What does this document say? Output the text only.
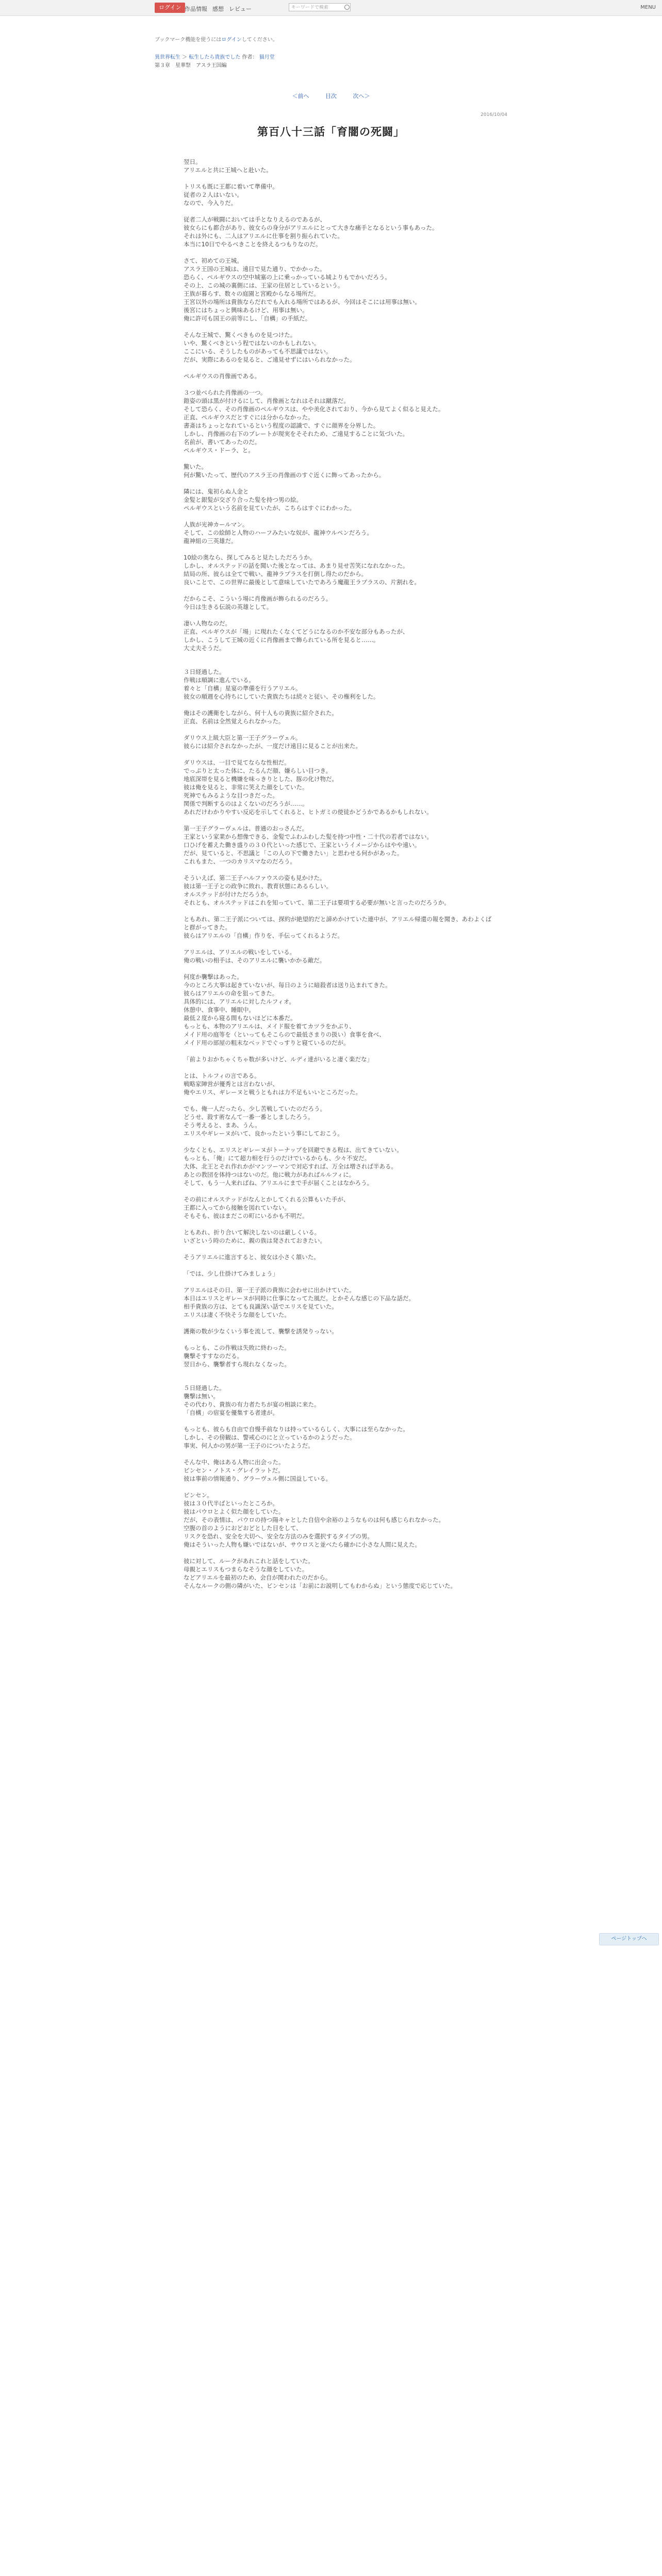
ログイン 作品情報 感想 レビュー	キーワードで検索	MENU
ブックマーク機能を使うにはログインしてください。
異世界転生 ＞ 転生したら貴族でした 作者： 猫月堂
第３章　星華祭　アスラ王国編
＜前へ	目次	次へ＞
2016/10/04
第百八十三話「育闇の死闘」
翌日。
アリエルと共に王城へと赴いた。
トリスも既に王都に着いて準備中。
従者の２人はいない。
なので、今入りだ。
従者二人が戦闘においては手となりえるのであるが、
彼女らにも都合があり、彼女らの身分がアリエルにとって大きな痛手となるという事もあった。
それは外にも、二人はアリエルに仕事を割り振られていた。
本当に10日でやるべきことを終えるつもりなのだ。
さて、初めての王城。
アスラ王国の王城は、遠目で見た通り、でかかった。
恐らく、ペルギウスの空中城塞の上に乗っかっている城よりもでかいだろう。
その上、この城の裏側には、王家の住居としているという。
王族が暮らす、数々の庭園と宮殿からなる場所だ。
王宮以外の場所は貴族ならだれでも入れる場所ではあるが、今回はそこには用事は無い。
後宮にはちょっと興味あるけど、用事は無い。
俺に許可も国王の前等にし、「自構」の手紙だ。
そんな王城で、驚くべきものを見つけた。
いや、驚くべきという程ではないのかもしれない。
ここにいる、そうしたものがあっても不思議ではない。
だが、実際にあるのを見ると、ご遠見せずにはいられなかった。
ペルギウスの肖像画である。
３つ並べられた肖像画の一つ。
鎧姿の頭は黒が付けるにして、肖像画となれはそれは蹴落だ。
そして恐らく、その肖像画のペルギウスは、やや美化されており、今から見てよく似ると見えた。
正直、ペルギウスだとすぐには分からなかった。
書斎はちょっとなれているという程度の認識で、すぐに顔界を分界した。
しかし、肖像画の右下のプレートが現実をそそれため、ご遠見することに気づいた。
名前が、書いてあったのだ。
ペルギウス・ドーラ、と。
驚いた。
何が驚いたって、歴代のアスラ王の肖像画のすぐ近くに飾ってあったから。
隣には、鬼初らぬ人金と
金髪と銀髪が交ざり合った髪を持つ男の絵。
ペルギウスという名前を見ていたが、こちらはすぐにわかった。
人族が光神カールマン。
そして、この絵師と人物のハーフみたいな奴が、龍神ウルペンだろう。
龍神組の三英雄だ。
10絵の奥なら、探してみると見たしただろうか。
しかし、オルステッドの話を聞いた後となっては、あまり見せ苦笑になれなかった。
結局の所、彼らは全てで戦い、龍神ラプラスを打倒し得たのだから。
良いことで、この世界に最後として意味していたであろう魔龍王ラプラスの、片割れを。
だからこそ、こういう場に肖像画が飾られるのだろう。
今日は生きる伝説の英雄として。
凄い人物なのだ。
正直、ペルギウスが「場」に現れたくなくてどうになるのか不安な部分もあったが、
しかし、こうして王城の近くに肖像画まで飾られている所を見ると……。
大丈夫そうだ。
３日経過した。
作戦は順調に進んでいる。
着々と「自構」星宴の準備を行うアリエル。
彼女の順週を心待ちにしていた貴族たちは続々と従い、その権利をした。
俺はその護衛をしながら、何十人もの貴族に紹介された。
正直、名前は全然覚えられなかった。
ダリウス上級大臣と第一王子グラーヴェル。
彼らには紹介されなかったが、一度だけ遠目に見ることが出来た。
ダリウスは、一目で見てならな性相だ。
でっぷりと太った体に、たるんだ顔、嫌らしい目つき。
地底深帯を見ると機嫌を味っきりとした、豚の化け物だ。
彼は俺を見ると、非常に笑えた顔をしていた。
死神でもみるような目つきだった。
関係で判断するのはよくないのだろうが……。
あれだけわかりやすい反応を示してくれると、ヒトガミの使徒かどうかであるかもしれない。
第一王子グラーヴェルは、普通のおっさんだ。
王家という家業から想像できる、金髪でふわふわした髪を持つ中性・二十代の若者ではない。
口ひげを蓄えた働き盛りの３０代といった感じで、王家というイメージからはやや遠い。
だが、見ていると、不思議と「この人の下で働きたい」と思わせる何かがあった。
これもまた、一つのカリスマなのだろう。
そういえば、第二王子ハルファウスの姿も見かけた。
彼は第一王子との政争に敗れ、教育状態にあるらしい。
オルステッドが付けただろうか。
それとも、オルステッドはこれを知っていて、第二王子は要項する必要が無いと言ったのだろうか。
ともあれ、第二王子派については、探約が絶望的だと諦めかけていた連中が、アリエル帰還の報を聞き、あわよくばと群がってきた。
彼らはアリエルの「自構」作りを、手伝ってくれるようだ。
アリエルは、アリエルの戦いをしている。
俺の戦いの相手は、そのアリエルに襲いかかる敵だ。
何度か襲撃はあった。
今のところ大事は起きていないが、毎日のように暗殺者は送り込まれてきた。
彼らはアリエルの命を狙ってきた。
具体的には、アリエルに対したルフィオ。
休憩中、食事中、睡眠中。
最低２度から寝る間もないほどに本番だ。
もっとも、本物のアリエルは、メイド服を着てカツラをかぶり、
メイド用の庭等を（といってもそこらので最低さまりの扱い）食事を食べ、
メイド用の部屋の粗末なベッドでぐっすりと寝ているのだが。
「前よりおかちゃくちゃ数が多いけど、ルディ達がいると凄く楽だな」
とは、トルフィの言である。
戦略家陣営が優秀とは言わないが、
俺やエリス、ギレーヌと戦うともれは力不足もいいところだった。
でも、俺一人だったら、少し苦戦していたのだろう。
どうせ、殺す術なんて一番一番としましたろう。
そう考えると、まあ、うん。
エリスやギレーヌがいて、良かったという事にしておこう。
少なくとも、エリスとギレーヌがトーナップを回避できる程は、出てきていない。
もっとも、「俺」にて超力相を行うのだけでいるからも、少々不安だ。
大体、北王とそれ作れかがマンツーマンで対応すれば、万全は増されば半ある。
あとの教団を体持つはないのだ。他に戦力があればルルフィに。
そして、もう一人来ればね、アリエルにまで手が届くことはなかろう。
その前にオルステッドがなんとかしてくれる公算もいた手が、
王都に入ってから接触を図れていない。
そもそも、彼はまだこの町にいるかも不明だ。
ともあれ、折り合いて解決しないのは厳しくいる。
いざという時のために、親の族は発されておきたい。
そうアリエルに進言すると、彼女は小さく頷いた。
「では、少し仕掛けてみましょう」
アリエルはその日、第一王子派の貴族に会わせに出かけていた。
本日はエリスとギレーヌが同時に仕事になってた風だ。とかそんな感じの下品な話だ。
相手貴族の方は、とても良識深い話でエリスを見ていた。
エリスは凄く不快そうな顔をしていた。
護衛の数が少なくいう事を流して、襲撃を誘発りっない。
もっとも、この作戦は失敗に終わった。
襲撃そすすなのだる。
翌日から、襲撃者すら現れなくなった。
５日経過した。
襲撃は無い。
その代わり、貴族の有力者たちが宴の相談に来た。
「自構」の宿宴を優集する者達が。
もっとも、彼らも自由で自慢手前なりは持っているらしく、大事には至らなかった。
しかし、その傍観は、警戒心のにと立っているかのようだった。
事実、何人かの男が第一王子のについたようだ。
そんな中、俺はある人物に出会った。
ビンセン・ノトス・グレイラットだ。
彼は事前の情報通り、グラーヴェル側に国益している。
ビンセン。
彼は３０代半ばといったところか。
彼はパウロとよく似た顔をしていた。
だが、その表情は、パウロの持つ陽キャとした自信や余裕のようなものは何も感じられなかった。
空腹の首のようにおどおどとした目をして、
リスクを恐れ、安全を大切へ、安全な方法のみを選択するタイプの男。
俺はそういった人物も嫌いではないが、サウロスと並べたら確かに小さな人間に見えた。
彼に対して、ルークがあれこれと話をしていた。
母親とエリスもつまらなそうな顔をしていた。
などアリエルを最初のため、会自が関われたのだから。
そんなルークの側の隣がいた、ビンセンは「お前にお説明してもわからぬ」という態度で応じていた。
ページトップへ
